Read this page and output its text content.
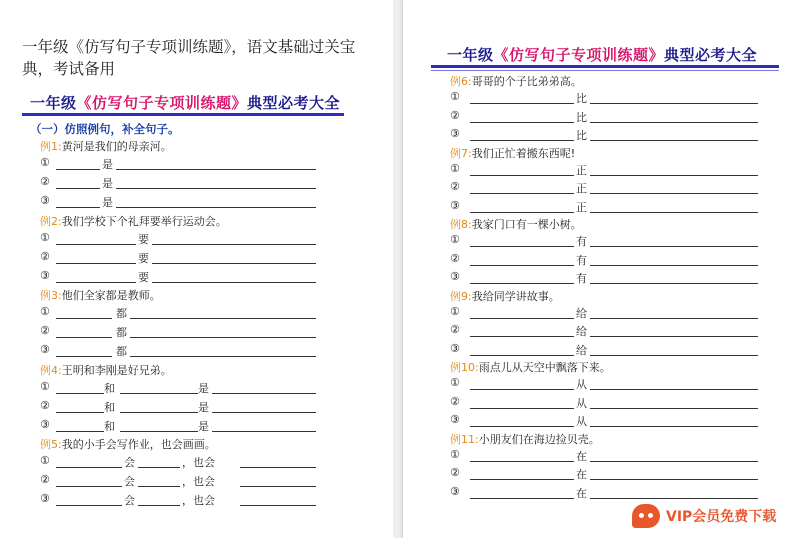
一年级《仿写句子专项训练题》，语文基础过关宝典，考试备用
一年级《仿写句子专项训练题》典型必考大全
（一）仿照例句，补全句子。
例1:黄河是我们的母亲河。
①	是
②	是
③	是
例2:我们学校下个礼拜要举行运动会。
①	要
②	要
③	要
例3:他们全家都是教师。
①	都
②	都
③	都
例4:王明和李刚是好兄弟。
①	和	是
②	和	是
③	和	是
例5:我的小手会写作业，也会画画。
①	会	，也会
②	会	，也会
③	会	，也会
一年级《仿写句子专项训练题》典型必考大全
例6:哥哥的个子比弟弟高。
①	比
②	比
③	比
例7:我们正忙着搬东西呢!
①	正
②	正
③	正
例8:我家门口有一棵小树。
①	有
②	有
③	有
例9:我给同学讲故事。
①	给
②	给
③	给
例10:雨点儿从天空中飘落下来。
①	从
②	从
③	从
例11:小朋友们在海边捡贝壳。
①	在
②	在
③	在
VIP会员免费下载
